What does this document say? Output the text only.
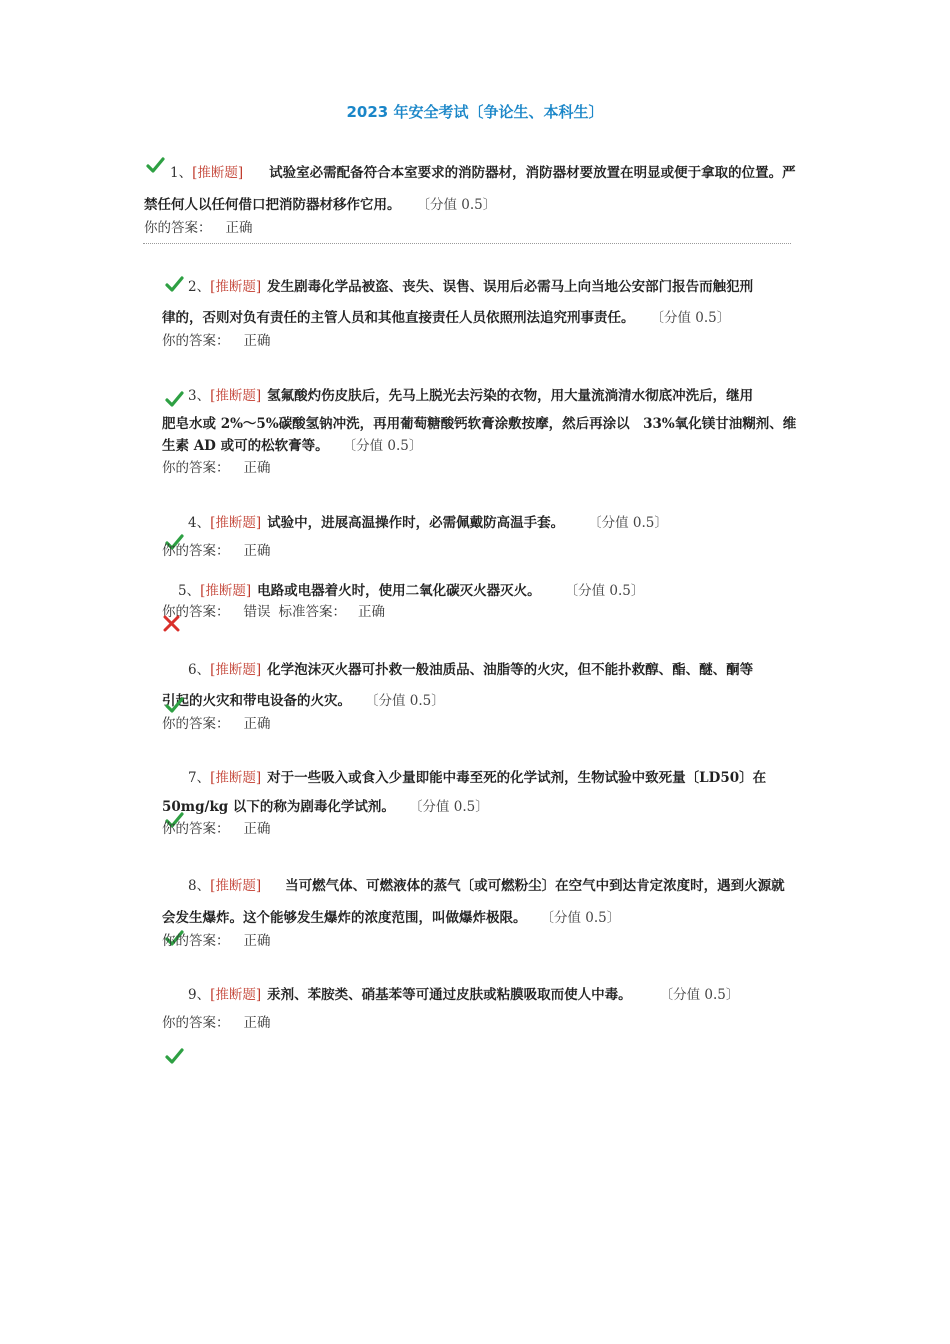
2023 年安全考试〔争论生、本科生〕
1、[推断题] 试验室必需配备符合本室要求的消防器材，消防器材要放置在明显或便于拿取的位置。严
禁任何人以任何借口把消防器材移作它用。 〔分值 0.5〕
你的答案： 正确
2、[推断题] 发生剧毒化学品被盗、丧失、误售、误用后必需马上向当地公安部门报告而触犯刑
律的，否则对负有责任的主管人员和其他直接责任人员依照刑法追究刑事责任。 〔分值 0.5〕
你的答案： 正确
3、[推断题] 氢氟酸灼伤皮肤后，先马上脱光去污染的衣物，用大量流淌清水彻底冲洗后，继用
肥皂水或 2%～5%碳酸氢钠冲洗，再用葡萄糖酸钙软膏涂敷按摩，然后再涂以　33%氧化镁甘油糊剂、维
生素 AD 或可的松软膏等。 〔分值 0.5〕
你的答案： 正确
4、[推断题] 试验中，进展高温操作时，必需佩戴防高温手套。 〔分值 0.5〕
你的答案： 正确
5、[推断题] 电路或电器着火时，使用二氧化碳灭火器灭火。 〔分值 0.5〕
你的答案： 错误 标准答案： 正确
6、[推断题] 化学泡沫灭火器可扑救一般油质品、油脂等的火灾，但不能扑救醇、酯、醚、酮等
引起的火灾和带电设备的火灾。 〔分值 0.5〕
你的答案： 正确
7、[推断题] 对于一些吸入或食入少量即能中毒至死的化学试剂，生物试验中致死量〔LD50〕在
50mg/kg 以下的称为剧毒化学试剂。 〔分值 0.5〕
你的答案： 正确
8、[推断题] 当可燃气体、可燃液体的蒸气〔或可燃粉尘〕在空气中到达肯定浓度时，遇到火源就
会发生爆炸。这个能够发生爆炸的浓度范围，叫做爆炸极限。 〔分值 0.5〕
你的答案： 正确
9、[推断题] 汞剂、苯胺类、硝基苯等可通过皮肤或粘膜吸取而使人中毒。 〔分值 0.5〕
你的答案： 正确
